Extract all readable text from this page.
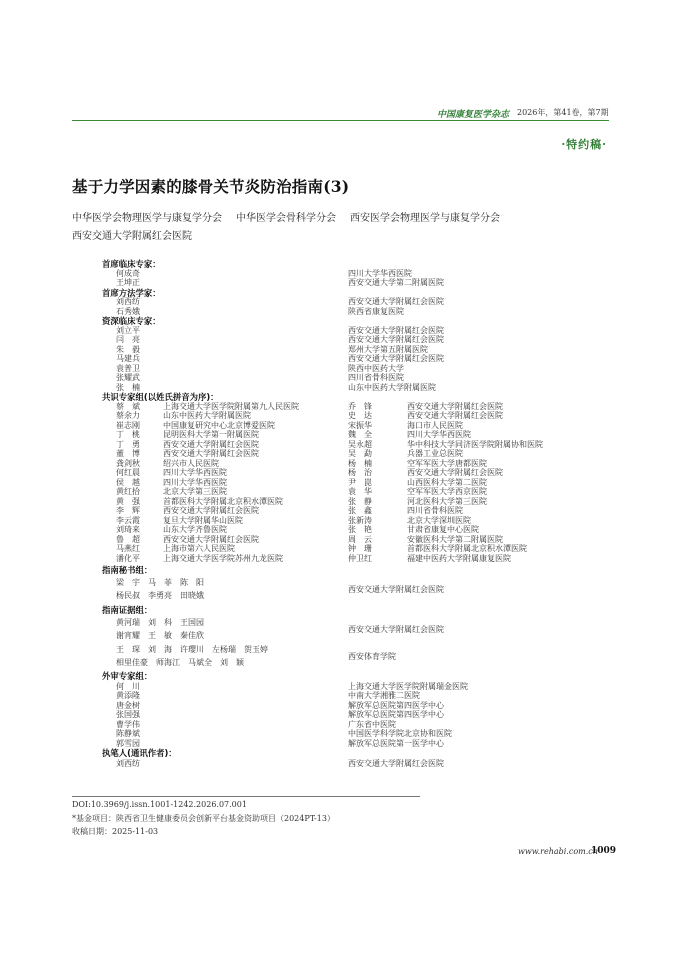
中国康复医学杂志 2026年，第41卷，第7期
·特约稿·
基于力学因素的膝骨关节炎防治指南(3)
中华医学会物理医学与康复学分会 中华医学会骨科学分会 西安医学会物理医学与康复学分会
西安交通大学附属红会医院
首席临床专家：
何成奇	四川大学华西医院
王坤正	西安交通大学第二附属医院
首席方法学家：
刘西纺	西安交通大学附属红会医院
石秀娥	陕西省康复医院
资深临床专家：
刘立平	西安交通大学附属红会医院
闫　亮	西安交通大学附属红会医院
朱　毅	郑州大学第五附属医院
马建兵	西安交通大学附属红会医院
袁普卫	陕西中医药大学
张耀武	四川省骨科医院
张　楠	山东中医药大学附属医院
共识专家组(以姓氏拼音为序)：
蔡　斌	上海交通大学医学院附属第九人民医院
蔡余力	山东中医药大学附属医院
崔志刚	中国康复研究中心北京博爱医院
丁　桃	昆明医科大学第一附属医院
丁　勇	西安交通大学附属红会医院
董　博	西安交通大学附属红会医院
龚剑秋	绍兴市人民医院
何红晨	四川大学华西医院
侯　越	四川大学华西医院
黄红拾	北京大学第三医院
黄　强	首都医科大学附属北京积水潭医院
李　辉	西安交通大学附属红会医院
李云霞	复旦大学附属华山医院
刘琦来	山东大学齐鲁医院
鲁　超	西安交通大学附属红会医院
马燕红	上海市第六人民医院
潘化平	上海交通大学医学院苏州九龙医院
乔　锋	西安交通大学附属红会医院
史　达	西安交通大学附属红会医院
宋振华	海口市人民医院
魏　全	四川大学华西医院
吴永超	华中科技大学同济医学院附属协和医院
吴　勐	兵器工业总医院
杨　楠	空军军医大学唐都医院
杨　治	西安交通大学附属红会医院
尹　崑	山西医科大学第二医院
袁　华	空军军医大学西京医院
张　静	河北医科大学第三医院
张　鑫	四川省骨科医院
张新涛	北京大学深圳医院
张　艳	甘肃省康复中心医院
周　云	安徽医科大学第二附属医院
钟　珊	首都医科大学附属北京积水潭医院
仲卫红	福建中医药大学附属康复医院
指南秘书组：
梁　宇　马　菲　陈　阳
西安交通大学附属红会医院
杨民叔　李勇亮　田晓娥
指南证据组：
黄河瑞　刘　科　王国园
西安交通大学附属红会医院
谢宵耀　王　敏　秦佳欣
王　琛　刘　海　许璎川　左杨瑞　贺玉婷
西安体育学院
相里佳豪　师海江　马斌全　刘　颖
外审专家组：
何　川	上海交通大学医学院附属瑞金医院
黄添隆	中南大学湘雅二医院
唐金树	解放军总医院第四医学中心
张国强	解放军总医院第四医学中心
曹学伟	广东省中医院
陈静斌	中国医学科学院北京协和医院
郭雪园	解放军总医院第一医学中心
执笔人(通讯作者)：
刘西纺	西安交通大学附属红会医院
DOI:10.3969/j.issn.1001-1242.2026.07.001
*基金项目：陕西省卫生健康委员会创新平台基金资助项目（2024PT-13）
收稿日期：2025-11-03
www.rehabi.com.cn
1009
